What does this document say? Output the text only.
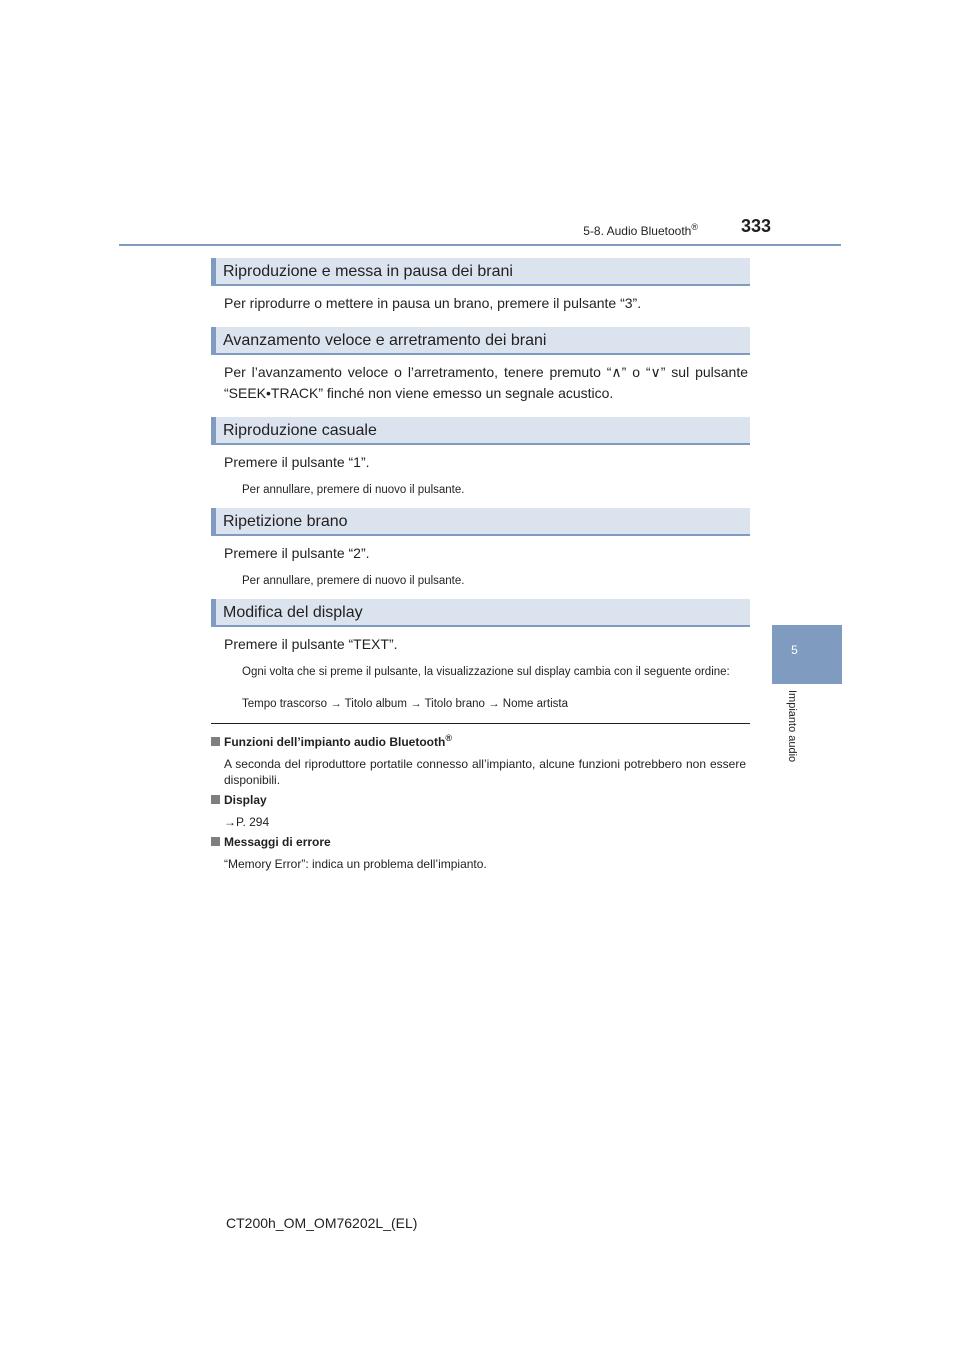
5-8. Audio Bluetooth® 333
5
Impianto audio
Riproduzione e messa in pausa dei brani
Per riprodurre o mettere in pausa un brano, premere il pulsante “3”.
Avanzamento veloce e arretramento dei brani
Per l’avanzamento veloce o l’arretramento, tenere premuto “∧” o “∨” sul pulsante “SEEK•TRACK” finché non viene emesso un segnale acustico.
Riproduzione casuale
Premere il pulsante “1”.
Per annullare, premere di nuovo il pulsante.
Ripetizione brano
Premere il pulsante “2”.
Per annullare, premere di nuovo il pulsante.
Modifica del display
Premere il pulsante “TEXT”.
Ogni volta che si preme il pulsante, la visualizzazione sul display cambia con il seguente ordine:
Tempo trascorso → Titolo album → Titolo brano → Nome artista
Funzioni dell’impianto audio Bluetooth®
A seconda del riproduttore portatile connesso all’impianto, alcune funzioni potrebbero non essere disponibili.
Display
→P. 294
Messaggi di errore
“Memory Error”: indica un problema dell’impianto.
CT200h_OM_OM76202L_(EL)
